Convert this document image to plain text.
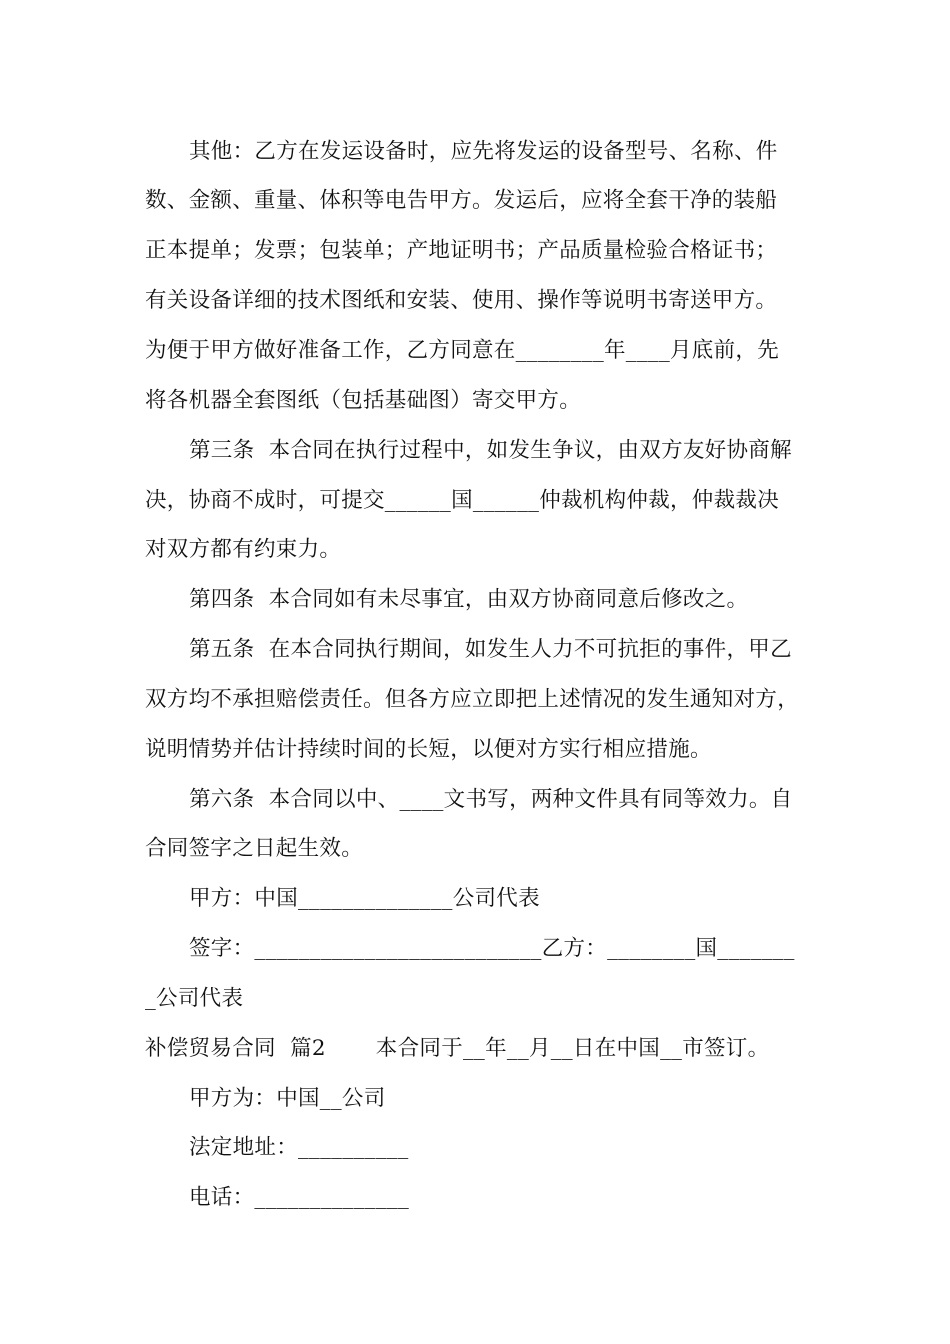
其他：乙方在发运设备时，应先将发运的设备型号、名称、件
数、金额、重量、体积等电告甲方。发运后，应将全套干净的装船
正本提单；发票；包装单；产地证明书；产品质量检验合格证书；
有关设备详细的技术图纸和安装、使用、操作等说明书寄送甲方。
为便于甲方做好准备工作，乙方同意在________年____月底前，先
将各机器全套图纸（包括基础图）寄交甲方。
第三条  本合同在执行过程中，如发生争议，由双方友好协商解
决，协商不成时，可提交______国______仲裁机构仲裁，仲裁裁决
对双方都有约束力。
第四条  本合同如有未尽事宜，由双方协商同意后修改之。
第五条  在本合同执行期间，如发生人力不可抗拒的事件，甲乙
双方均不承担赔偿责任。但各方应立即把上述情况的发生通知对方，
说明情势并估计持续时间的长短，以便对方实行相应措施。
第六条  本合同以中、____文书写，两种文件具有同等效力。自
合同签字之日起生效。
甲方：中国______________公司代表
签字：__________________________乙方：________国_______
_公司代表
补偿贸易合同  篇2       本合同于__年__月__日在中国__市签订。
甲方为：中国__公司
法定地址：__________
电话：______________
